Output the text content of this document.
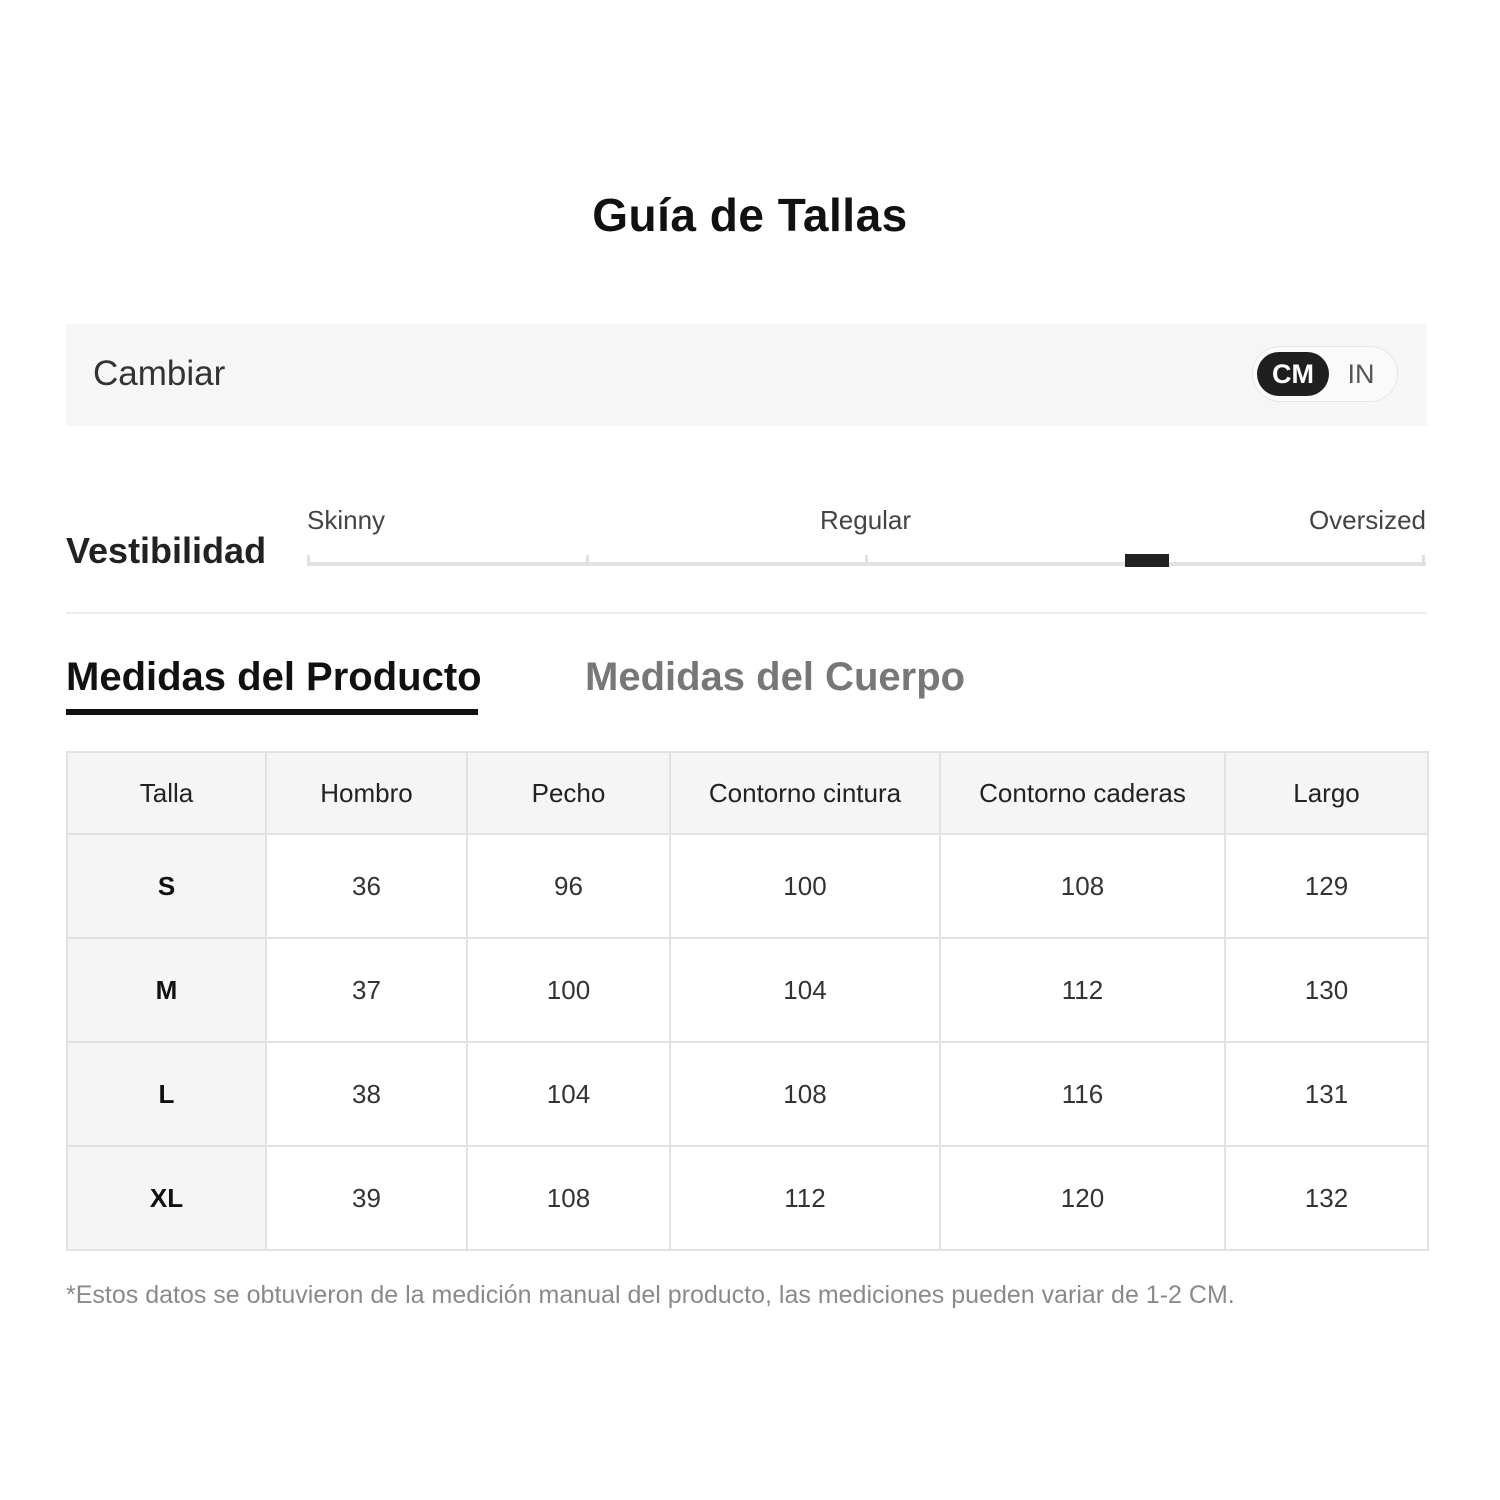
Guía de Tallas
Cambiar	CM	IN
Vestibilidad
Skinny	Regular	Oversized
Medidas del Producto	Medidas del Cuerpo
Talla	Hombro	Pecho	Contorno cintura	Contorno caderas	Largo
S	36	96	100	108	129
M	37	100	104	112	130
L	38	104	108	116	131
XL	39	108	112	120	132
*Estos datos se obtuvieron de la medición manual del producto, las mediciones pueden variar de 1-2 CM.
